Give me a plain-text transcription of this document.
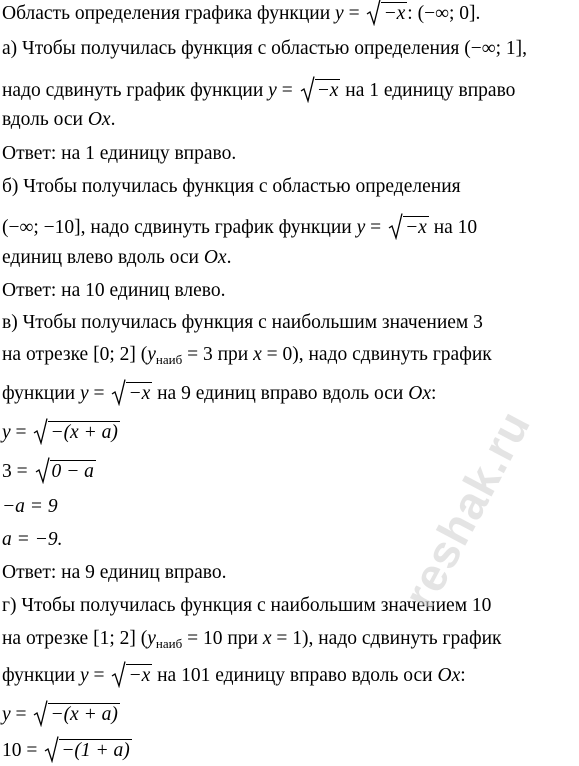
Область определения графика функции y =
−x : (−∞; 0].
а) Чтобы получилась функция с областью определения (−∞; 1],
надо сдвинуть график функции y =
−x на 1 единицу вправо
вдоль оси Ox.
Ответ: на 1 единицу вправо.
б) Чтобы получилась функция с областью определения
(−∞; −10], надо сдвинуть график функции y =
−x на 10
единиц влево вдоль оси Ox.
Ответ: на 10 единиц влево.
в) Чтобы получилась функция с наибольшим значением 3
на отрезке [0; 2] ($y_{наиб} = 3$ при x = 0), надо сдвинуть график
функции y =
−x на 9 единиц вправо вдоль оси Ox:
y =
−(x + a)
3 =
0 − a
−a = 9
a = −9.
Ответ: на 9 единиц вправо.
г) Чтобы получилась функция с наибольшим значением 10
на отрезке [1; 2] ($y_{наиб} = 10$ при x = 1), надо сдвинуть график
функции y =
−x на 101 единицу вправо вдоль оси Ox:
y =
−(x + a)
10 =
−(1 + a)
reshak.ru
